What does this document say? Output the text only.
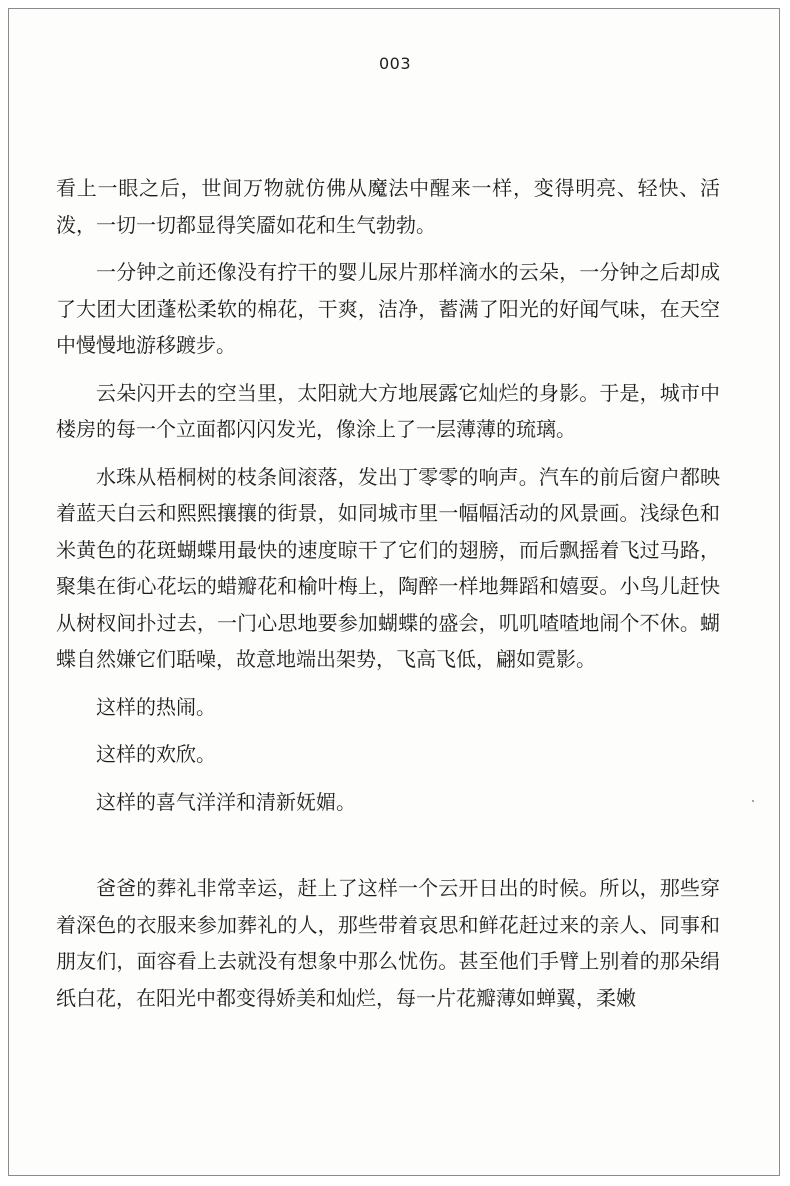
003

看上一眼之后，世间万物就仿佛从魔法中醒来一样，变得明亮、轻快、活泼，一切一切都显得笑靥如花和生气勃勃。

一分钟之前还像没有拧干的婴儿尿片那样滴水的云朵，一分钟之后却成了大团大团蓬松柔软的棉花，干爽，洁净，蓄满了阳光的好闻气味，在天空中慢慢地游移踱步。

云朵闪开去的空当里，太阳就大方地展露它灿烂的身影。于是，城市中楼房的每一个立面都闪闪发光，像涂上了一层薄薄的琉璃。

水珠从梧桐树的枝条间滚落，发出丁零零的响声。汽车的前后窗户都映着蓝天白云和熙熙攘攘的街景，如同城市里一幅幅活动的风景画。浅绿色和米黄色的花斑蝴蝶用最快的速度晾干了它们的翅膀，而后飘摇着飞过马路，聚集在街心花坛的蜡瓣花和榆叶梅上，陶醉一样地舞蹈和嬉耍。小鸟儿赶快从树杈间扑过去，一门心思地要参加蝴蝶的盛会，叽叽喳喳地闹个不休。蝴蝶自然嫌它们聒噪，故意地端出架势，飞高飞低，翩如霓影。

这样的热闹。

这样的欢欣。

这样的喜气洋洋和清新妩媚。

爸爸的葬礼非常幸运，赶上了这样一个云开日出的时候。所以，那些穿着深色的衣服来参加葬礼的人，那些带着哀思和鲜花赶过来的亲人、同事和朋友们，面容看上去就没有想象中那么忧伤。甚至他们手臂上别着的那朵绢纸白花，在阳光中都变得娇美和灿烂，每一片花瓣薄如蝉翼，柔嫩
